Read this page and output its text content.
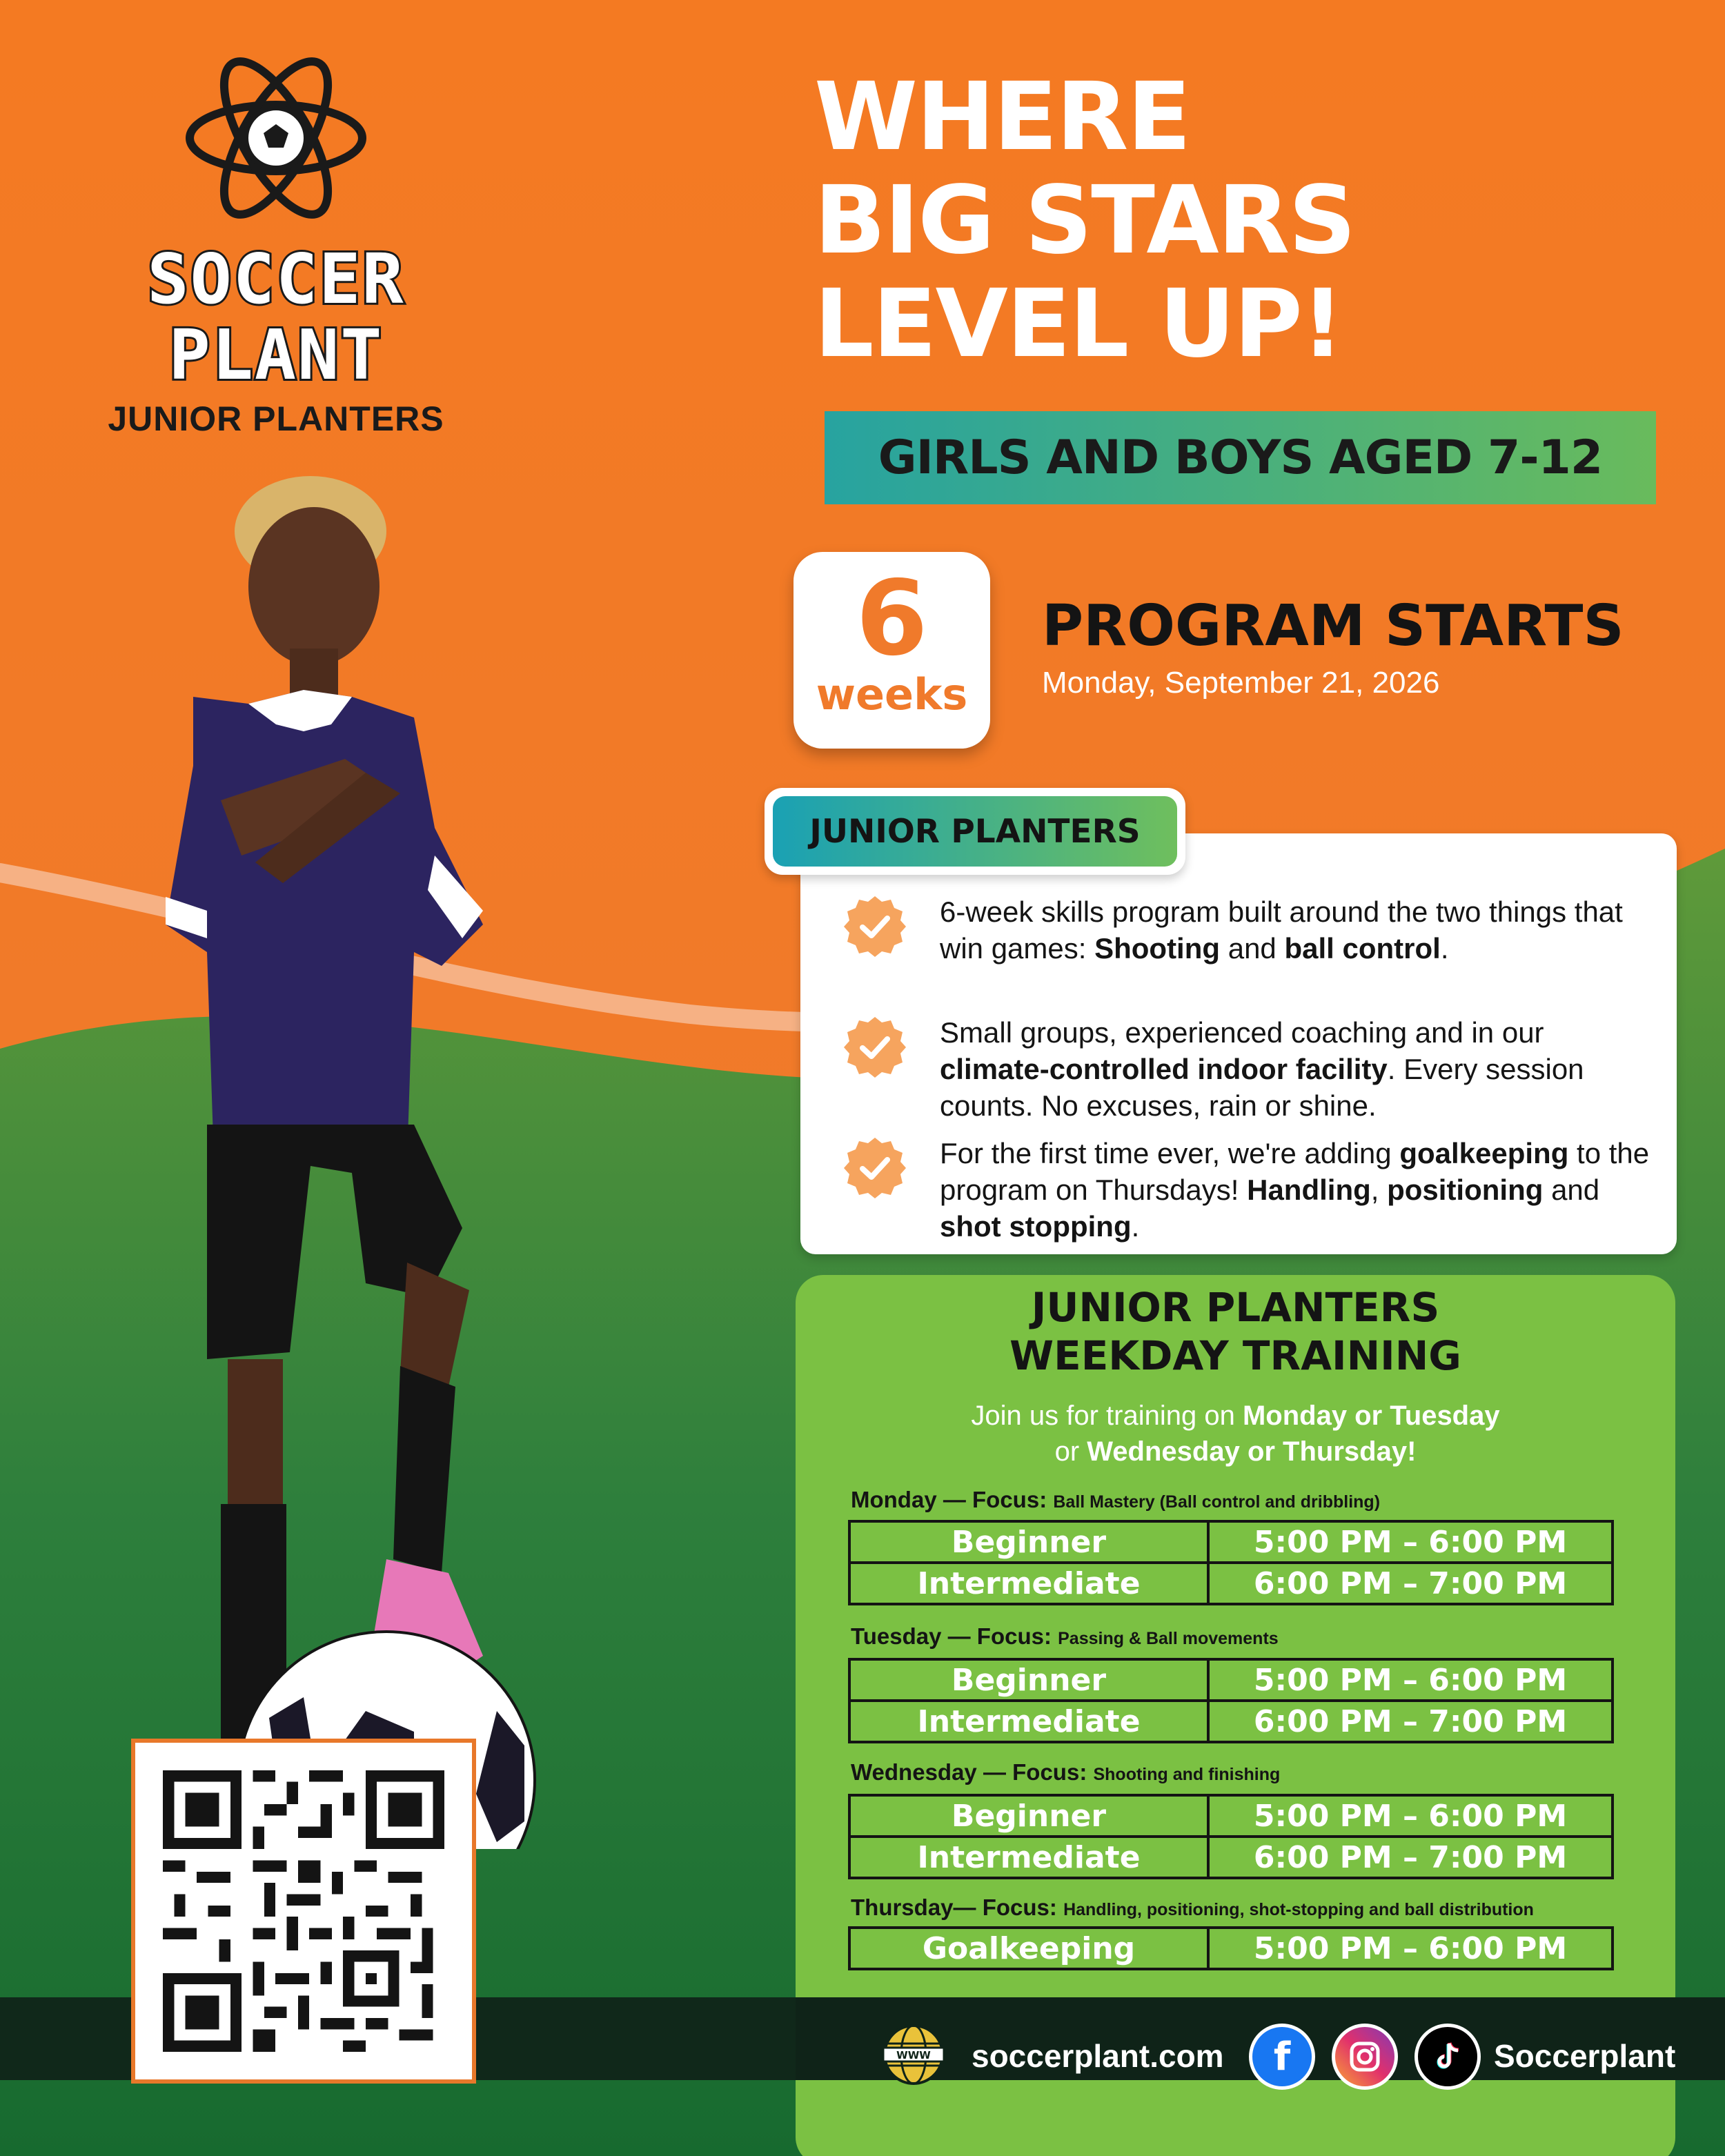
SOCCER
PLANT
JUNIOR PLANTERS
WHERE
BIG STARS
LEVEL UP!
GIRLS AND BOYS AGED 7-12
6
weeks
PROGRAM STARTS
Monday, September 21, 2026
JUNIOR PLANTERS
6-week skills program built around the two things that win games: Shooting and ball control.
Small groups, experienced coaching and in our climate-controlled indoor facility. Every session counts. No excuses, rain or shine.
For the first time ever, we're adding goalkeeping to the program on Thursdays! Handling, positioning and shot stopping.
JUNIOR PLANTERS
WEEKDAY TRAINING
Join us for training on Monday or Tuesday
or Wednesday or Thursday!
Monday — Focus: Ball Mastery (Ball control and dribbling)
Beginner	5:00 PM – 6:00 PM
Intermediate	6:00 PM – 7:00 PM
Tuesday — Focus: Passing & Ball movements
Beginner	5:00 PM – 6:00 PM
Intermediate	6:00 PM – 7:00 PM
Wednesday — Focus: Shooting and finishing
Beginner	5:00 PM – 6:00 PM
Intermediate	6:00 PM – 7:00 PM
Thursday— Focus: Handling, positioning, shot-stopping and ball distribution
Goalkeeping	5:00 PM – 6:00 PM
WWW soccerplant.com f	Soccerplant
